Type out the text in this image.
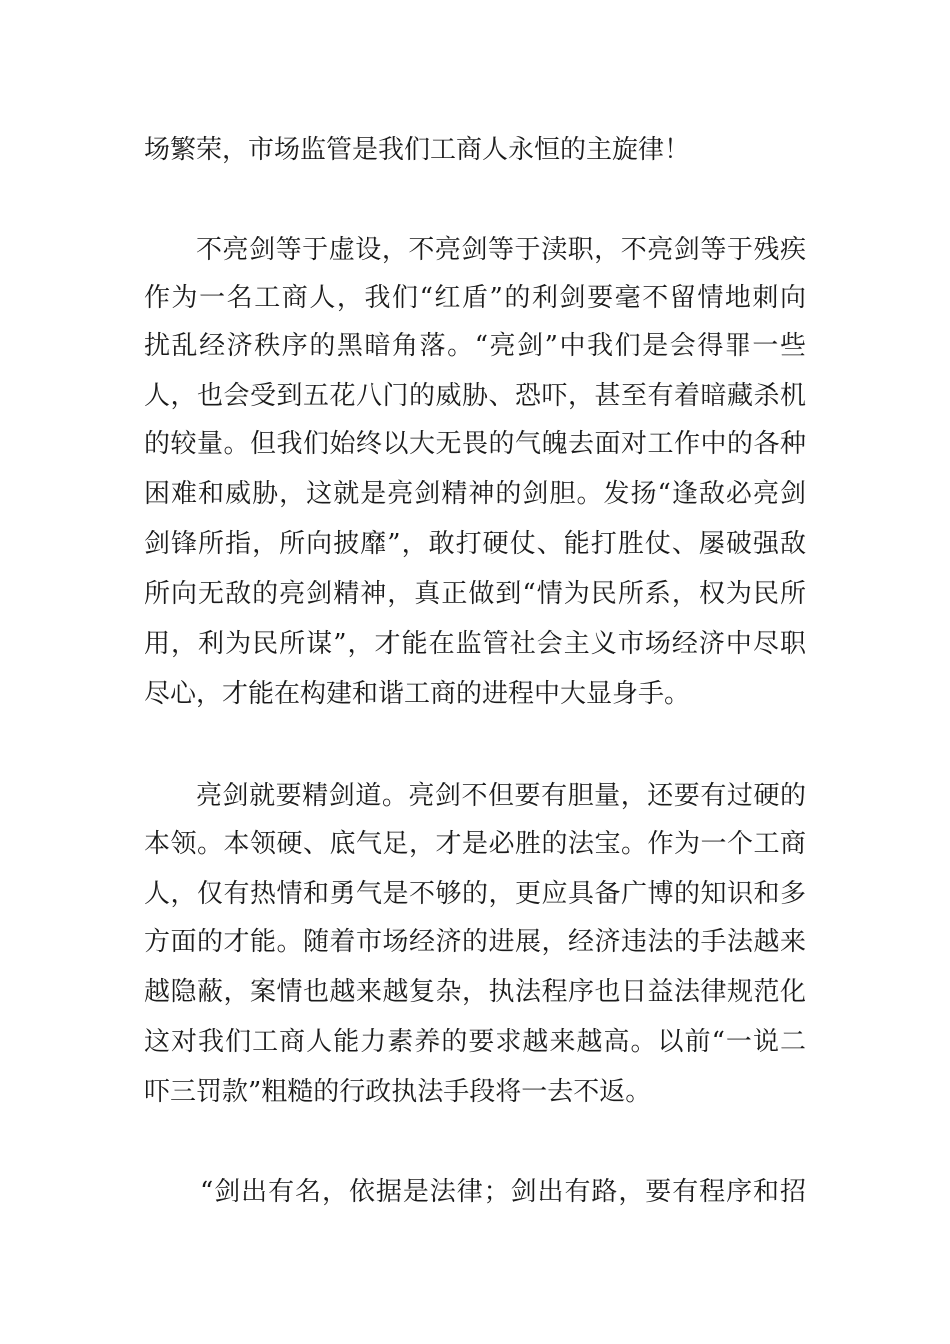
场繁荣，市场监管是我们工商人永恒的主旋律！
不亮剑等于虚设，不亮剑等于渎职，不亮剑等于残疾
作为一名工商人，我们“红盾”的利剑要毫不留情地刺向
扰乱经济秩序的黑暗角落。“亮剑”中我们是会得罪一些
人，也会受到五花八门的威胁、恐吓，甚至有着暗藏杀机
的较量。但我们始终以大无畏的气魄去面对工作中的各种
困难和威胁，这就是亮剑精神的剑胆。发扬“逢敌必亮剑
剑锋所指，所向披靡”，敢打硬仗、能打胜仗、屡破强敌
所向无敌的亮剑精神，真正做到“情为民所系，权为民所
用，利为民所谋”，才能在监管社会主义市场经济中尽职
尽心，才能在构建和谐工商的进程中大显身手。
亮剑就要精剑道。亮剑不但要有胆量，还要有过硬的
本领。本领硬、底气足，才是必胜的法宝。作为一个工商
人，仅有热情和勇气是不够的，更应具备广博的知识和多
方面的才能。随着市场经济的进展，经济违法的手法越来
越隐蔽，案情也越来越复杂，执法程序也日益法律规范化
这对我们工商人能力素养的要求越来越高。以前“一说二
吓三罚款”粗糙的行政执法手段将一去不返。
“剑出有名，依据是法律；剑出有路，要有程序和招
